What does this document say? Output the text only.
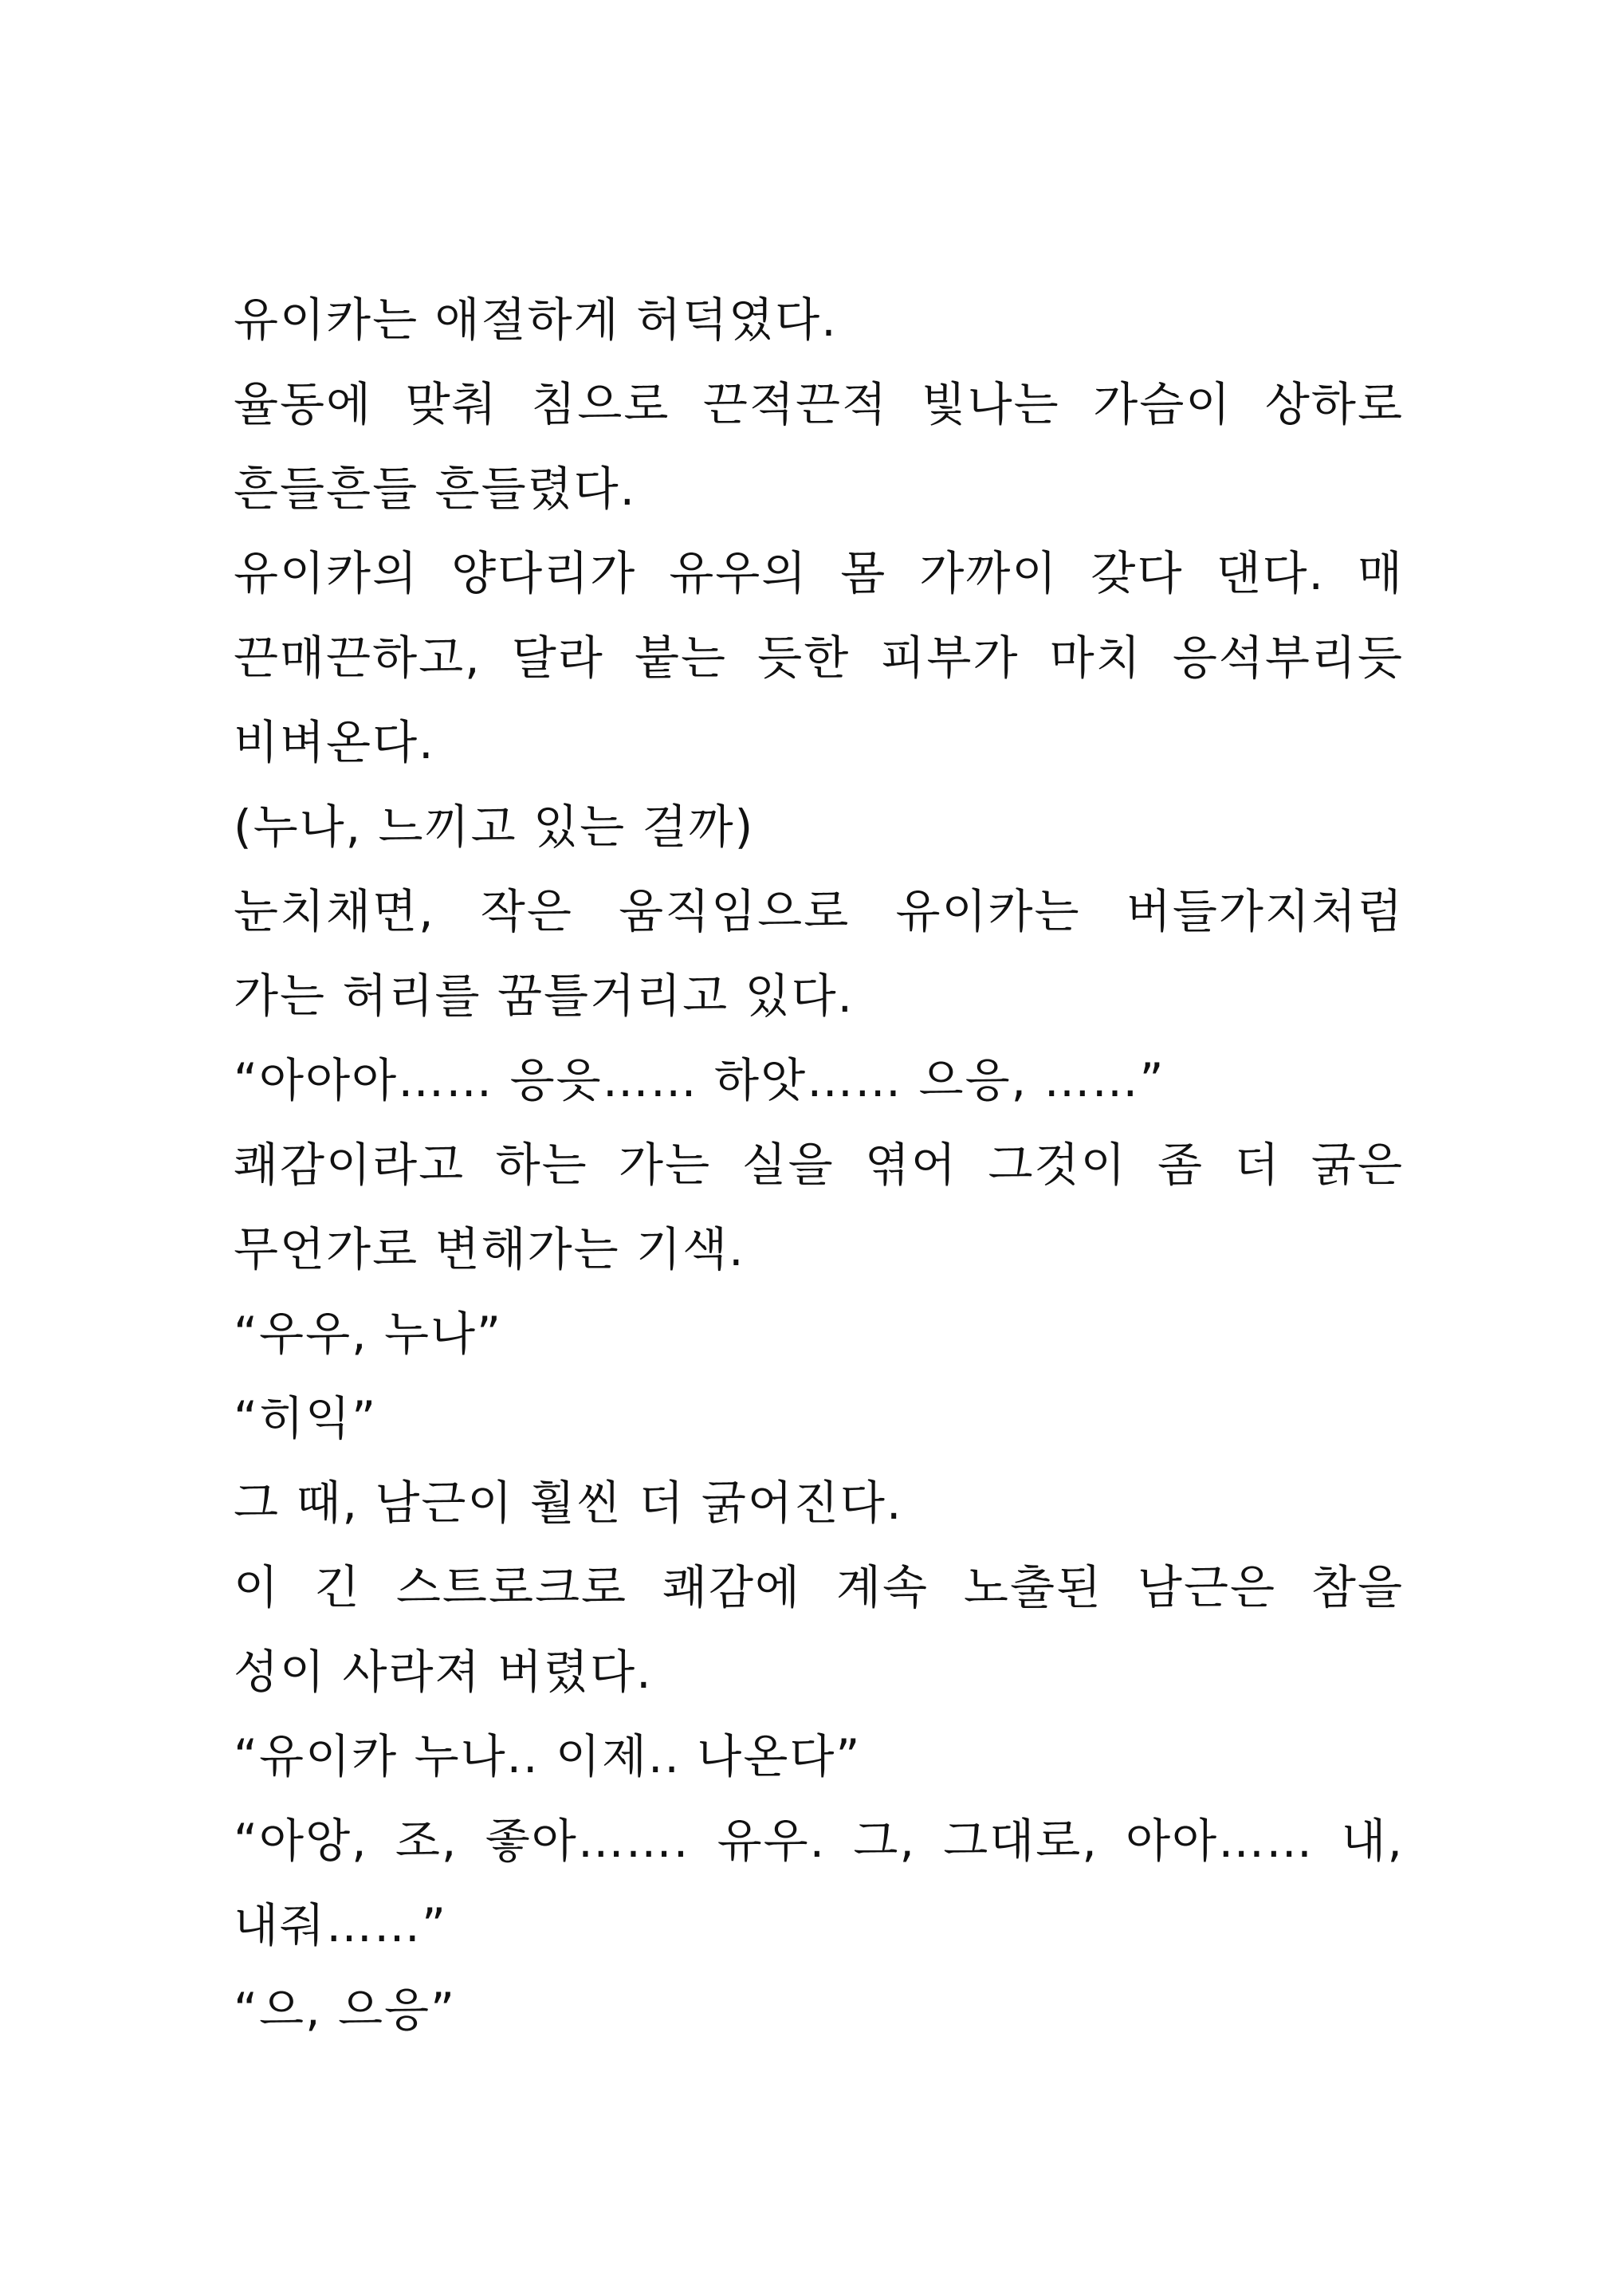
유이카는 애절하게 허덕였다.
율동에 맞춰 침으로 끈적끈적 빛나는 가슴이 상하로
흔들흔들 흔들렸다.
유이카의 양다리가 유우의 몸 가까이 갖다 댄다. 매
끈매끈하고, 달라 붙는 듯한 피부가 마치 응석부리듯
비벼온다.
(누나, 느끼고 있는 걸까)
눈치채면, 작은 움직임으로 유이카는 버들가지처럼
가는 허리를 꿈틀거리고 있다.
“아아아…… 응읏…… 하앗…… 으응, ……”
쾌감이라고 하는 가는 실을 엮어 그것이 좀 더 굵은
무언가로 변해가는 기색.
“우우, 누나”
“히익”
그 때, 남근이 훨씬 더 굵어진다.
이 긴 스트로크로 쾌감에 계속 노출된 남근은 참을
성이 사라져 버렸다.
“유이카 누나.. 이제.. 나온다”
“아앙, 조, 좋아……. 유우. 그, 그대로, 아아…… 내,
내줘……”
“으, 으응”
